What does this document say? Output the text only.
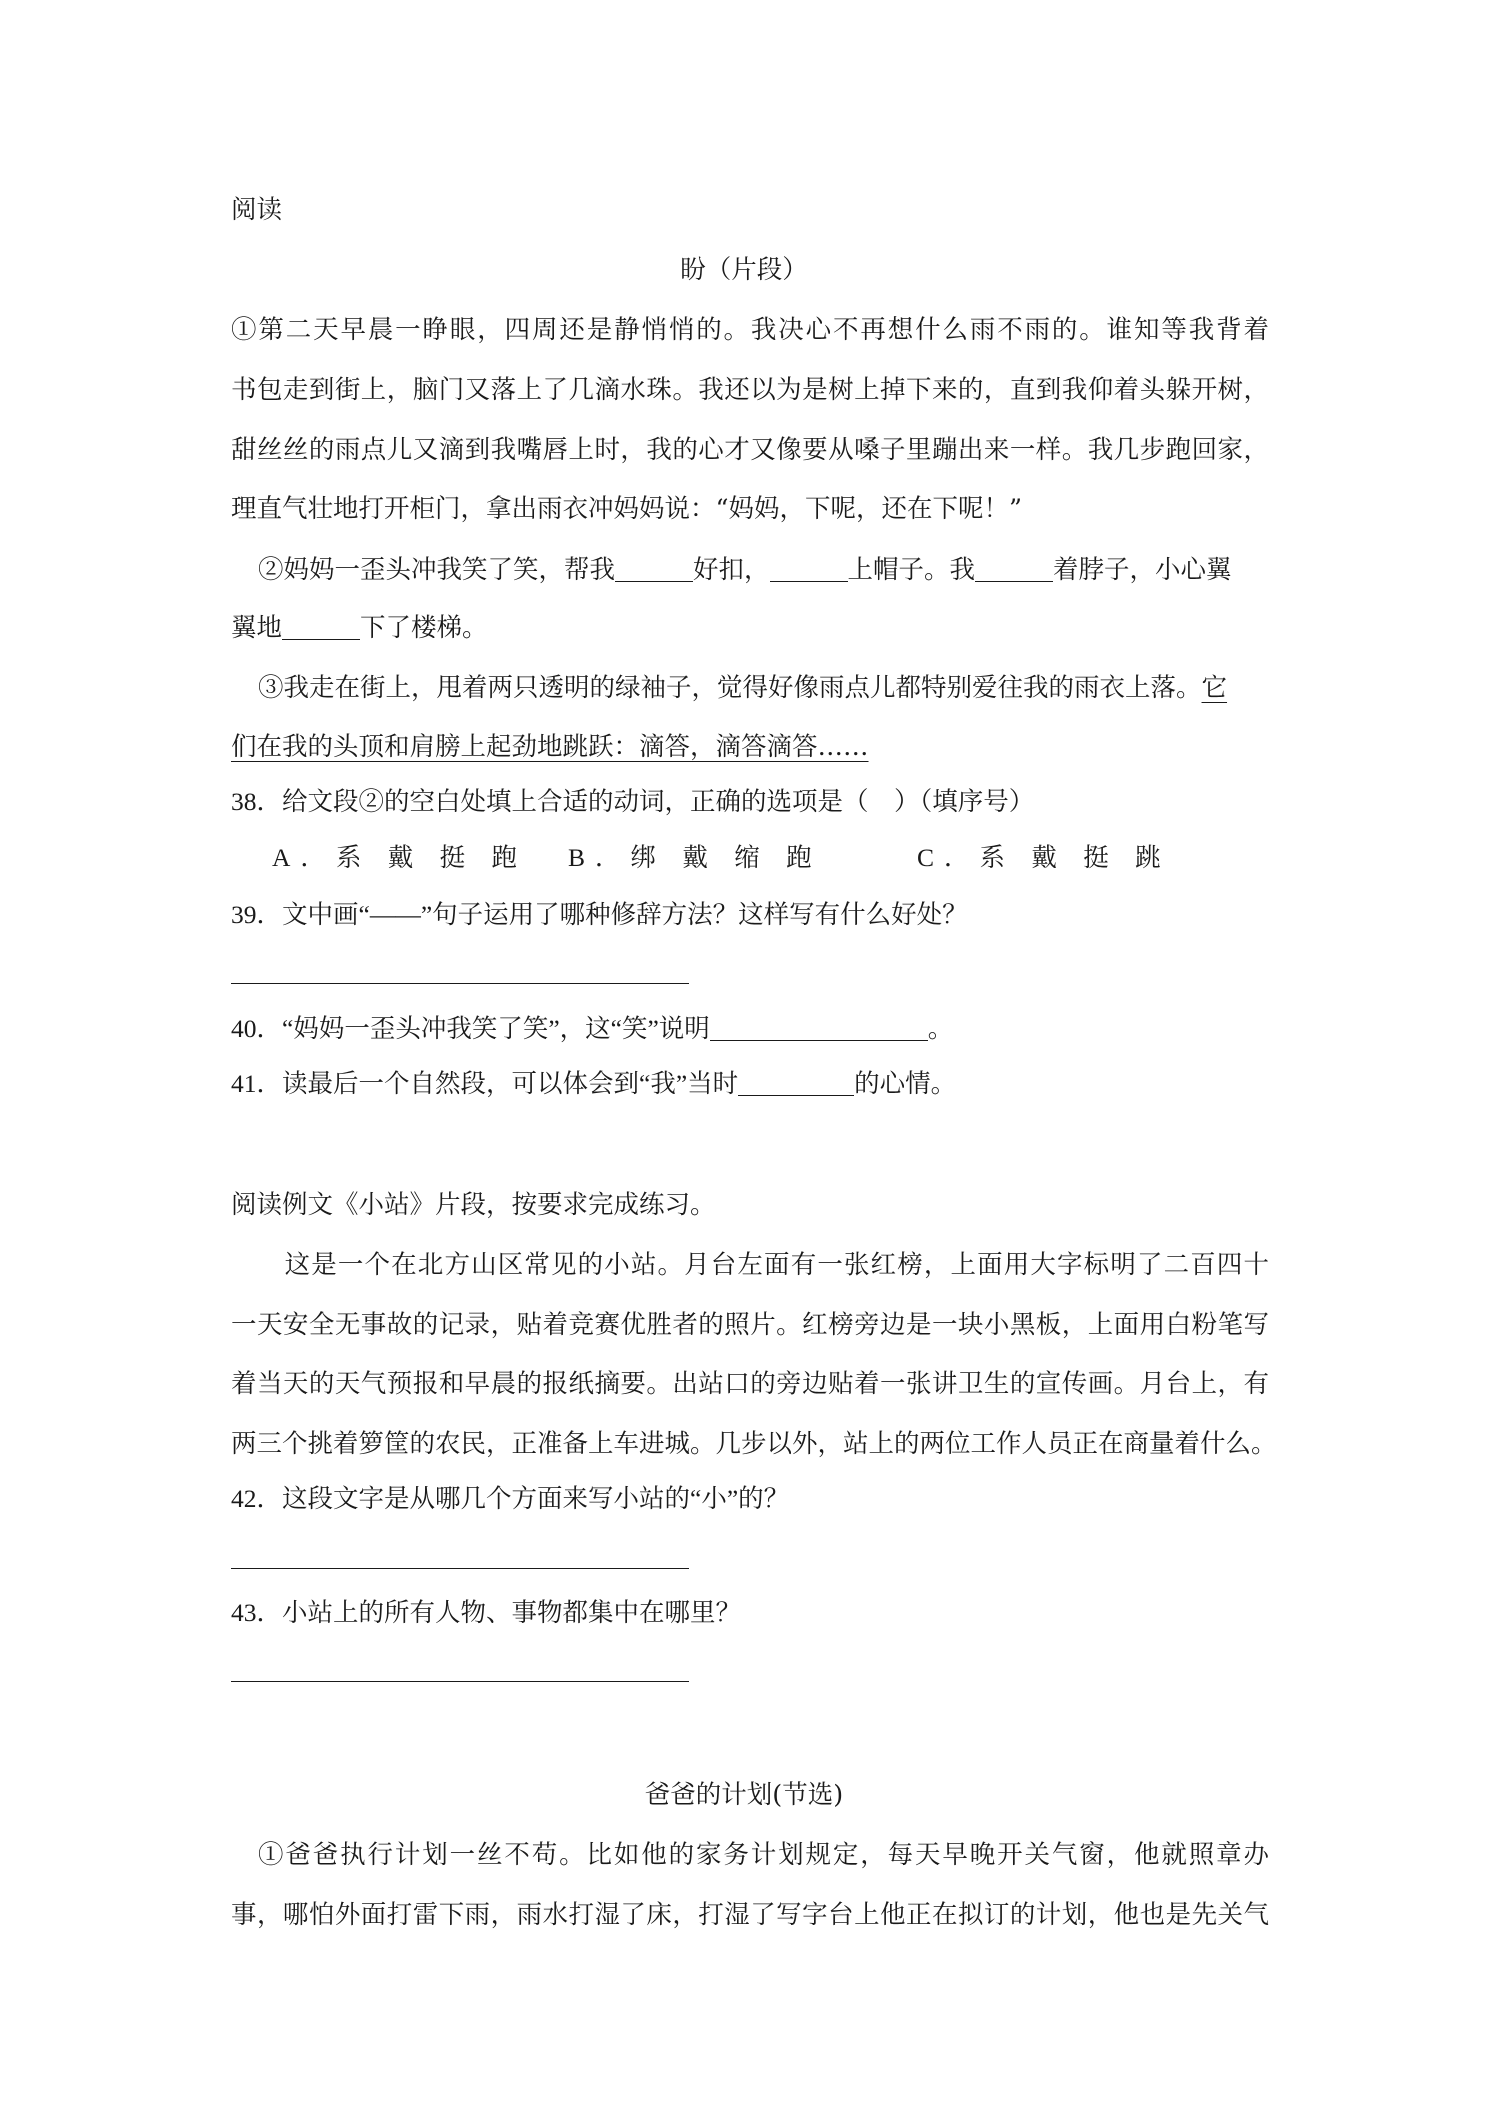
阅读
盼（片段）
①第二天早晨一睁眼，四周还是静悄悄的。我决心不再想什么雨不雨的。谁知等我背着
书包走到街上，脑门又落上了几滴水珠。我还以为是树上掉下来的，直到我仰着头躲开树，
甜丝丝的雨点儿又滴到我嘴唇上时，我的心才又像要从嗓子里蹦出来一样。我几步跑回家，
理直气壮地打开柜门，拿出雨衣冲妈妈说：“妈妈，下呢，还在下呢！”
②妈妈一歪头冲我笑了笑，帮我	好扣，	上帽子。我	着脖子，小心翼
翼地	下了楼梯。
③我走在街上，甩着两只透明的绿袖子，觉得好像雨点儿都特别爱往我的雨衣上落。它
们在我的头顶和肩膀上起劲地跳跃：滴答，滴答滴答……
38．给文段②的空白处填上合适的动词，正确的选项是（　）（填序号）
A．系 戴 挺 跑 B．绑 戴 缩 跑	C．系 戴 挺 跳
39．文中画“——”句子运用了哪种修辞方法？这样写有什么好处？
40．“妈妈一歪头冲我笑了笑”，这“笑”说明	。
41．读最后一个自然段，可以体会到“我”当时	的心情。
阅读例文《小站》片段，按要求完成练习。
　这是一个在北方山区常见的小站。月台左面有一张红榜，上面用大字标明了二百四十
一天安全无事故的记录，贴着竞赛优胜者的照片。红榜旁边是一块小黑板，上面用白粉笔写
着当天的天气预报和早晨的报纸摘要。出站口的旁边贴着一张讲卫生的宣传画。月台上，有
两三个挑着箩筐的农民，正准备上车进城。几步以外，站上的两位工作人员正在商量着什么。
42．这段文字是从哪几个方面来写小站的“小”的？
43．小站上的所有人物、事物都集中在哪里？
爸爸的计划(节选)
①爸爸执行计划一丝不苟。比如他的家务计划规定，每天早晚开关气窗，他就照章办
事，哪怕外面打雷下雨，雨水打湿了床，打湿了写字台上他正在拟订的计划，他也是先关气
